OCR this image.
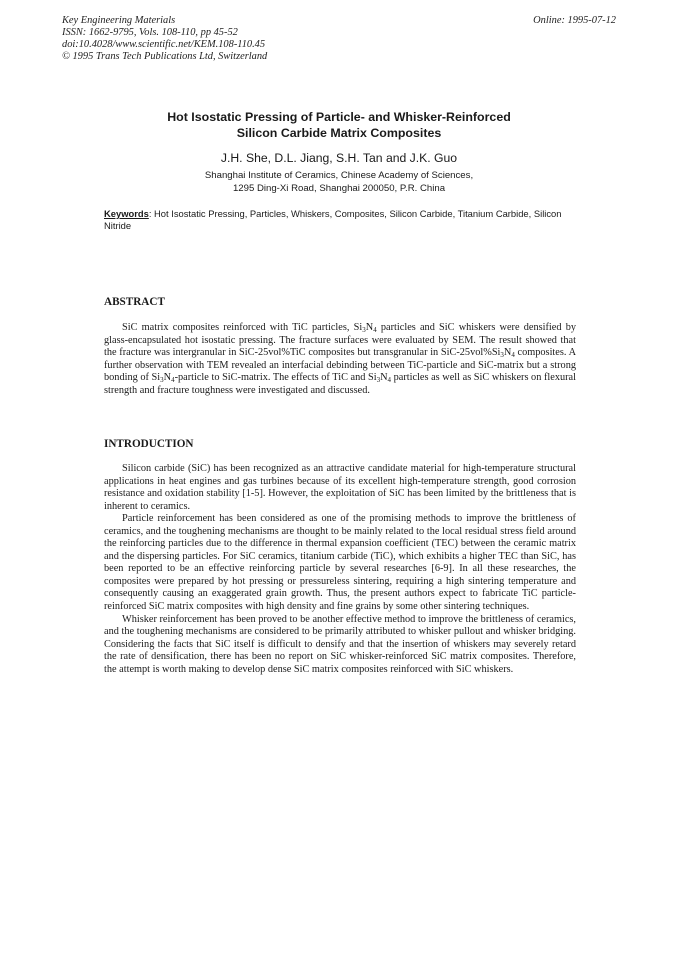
Key Engineering Materials
ISSN: 1662-9795, Vols. 108-110, pp 45-52
doi:10.4028/www.scientific.net/KEM.108-110.45
© 1995 Trans Tech Publications Ltd, Switzerland
Online: 1995-07-12
Hot Isostatic Pressing of Particle- and Whisker-Reinforced
Silicon Carbide Matrix Composites
J.H. She, D.L. Jiang, S.H. Tan and J.K. Guo
Shanghai Institute of Ceramics, Chinese Academy of Sciences,
1295 Ding-Xi Road, Shanghai 200050, P.R. China
Keywords: Hot Isostatic Pressing, Particles, Whiskers, Composites, Silicon Carbide, Titanium Carbide, Silicon Nitride
ABSTRACT
SiC matrix composites reinforced with TiC particles, $Si_3N_4$ particles and SiC whiskers were densified by glass-encapsulated hot isostatic pressing. The fracture surfaces were evaluated by SEM. The result showed that the fracture was intergranular in SiC-25vol%TiC composites but transgranular in SiC-$25vol\%Si_3N_4$ composites. A further observation with TEM revealed an interfacial debinding between TiC-particle and SiC-matrix but a strong bonding of $Si_3N_4$-particle to SiC-matrix. The effects of TiC and $Si_3N_4$ particles as well as SiC whiskers on flexural strength and fracture toughness were investigated and discussed.
INTRODUCTION
Silicon carbide (SiC) has been recognized as an attractive candidate material for high-temperature structural applications in heat engines and gas turbines because of its excellent high-temperature strength, good corrosion resistance and oxidation stability [1-5]. However, the exploitation of SiC has been limited by the brittleness that is inherent to ceramics.
Particle reinforcement has been considered as one of the promising methods to improve the brittleness of ceramics, and the toughening mechanisms are thought to be mainly related to the local residual stress field around the reinforcing particles due to the difference in thermal expansion coefficient (TEC) between the ceramic matrix and the dispersing particles. For SiC ceramics, titanium carbide (TiC), which exhibits a higher TEC than SiC, has been reported to be an effective reinforcing particle by several researches [6-9]. In all these researches, the composites were prepared by hot pressing or pressureless sintering, requiring a high sintering temperature and consequently causing an exaggerated grain growth. Thus, the present authors expect to fabricate TiC particle-reinforced SiC matrix composites with high density and fine grains by some other sintering techniques.
Whisker reinforcement has been proved to be another effective method to improve the brittleness of ceramics, and the toughening mechanisms are considered to be primarily attributed to whisker pullout and whisker bridging. Considering the facts that SiC itself is difficult to densify and that the insertion of whiskers may severely retard the rate of densification, there has been no report on SiC whisker-reinforced SiC matrix composites. Therefore, the attempt is worth making to develop dense SiC matrix composites reinforced with SiC whiskers.
